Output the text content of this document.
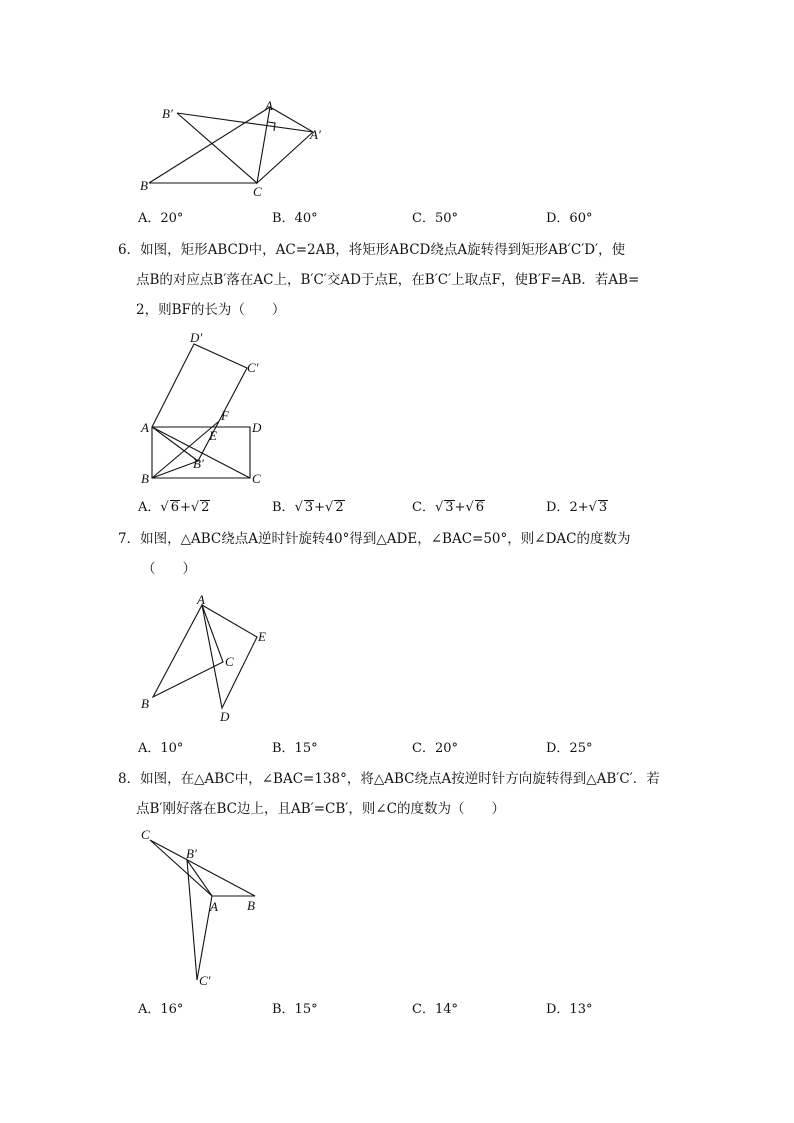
B′
A
A′
B	C
A．20°	B．40°	C．50°	D．60°
6．如图，矩形ABCD中，AC=2AB，将矩形ABCD绕点A旋转得到矩形AB′C′D′，使
点B的对应点B′落在AC上，B′C′交AD于点E，在B′C′上取点F，使B′F=AB．若AB=
2，则BF的长为（　　）
D′
C′
F
A	D
E
B′
B	C
A．√ 6+√ 2	B．√ 3+√ 2	C．√ 3+√ 6	D．2+√ 3
7．如图，△ABC绕点A逆时针旋转40°得到△ADE，∠BAC=50°，则∠DAC的度数为
（　　）
A
E
C
B
D
A．10°	B．15°	C．20°	D．25°
8．如图，在△ABC中，∠BAC=138°，将△ABC绕点A按逆时针方向旋转得到△AB′C′．若
点B′刚好落在BC边上，且AB′=CB′，则∠C的度数为（　　）
C
B′
A B
C′
A．16°	B．15°	C．14°	D．13°
